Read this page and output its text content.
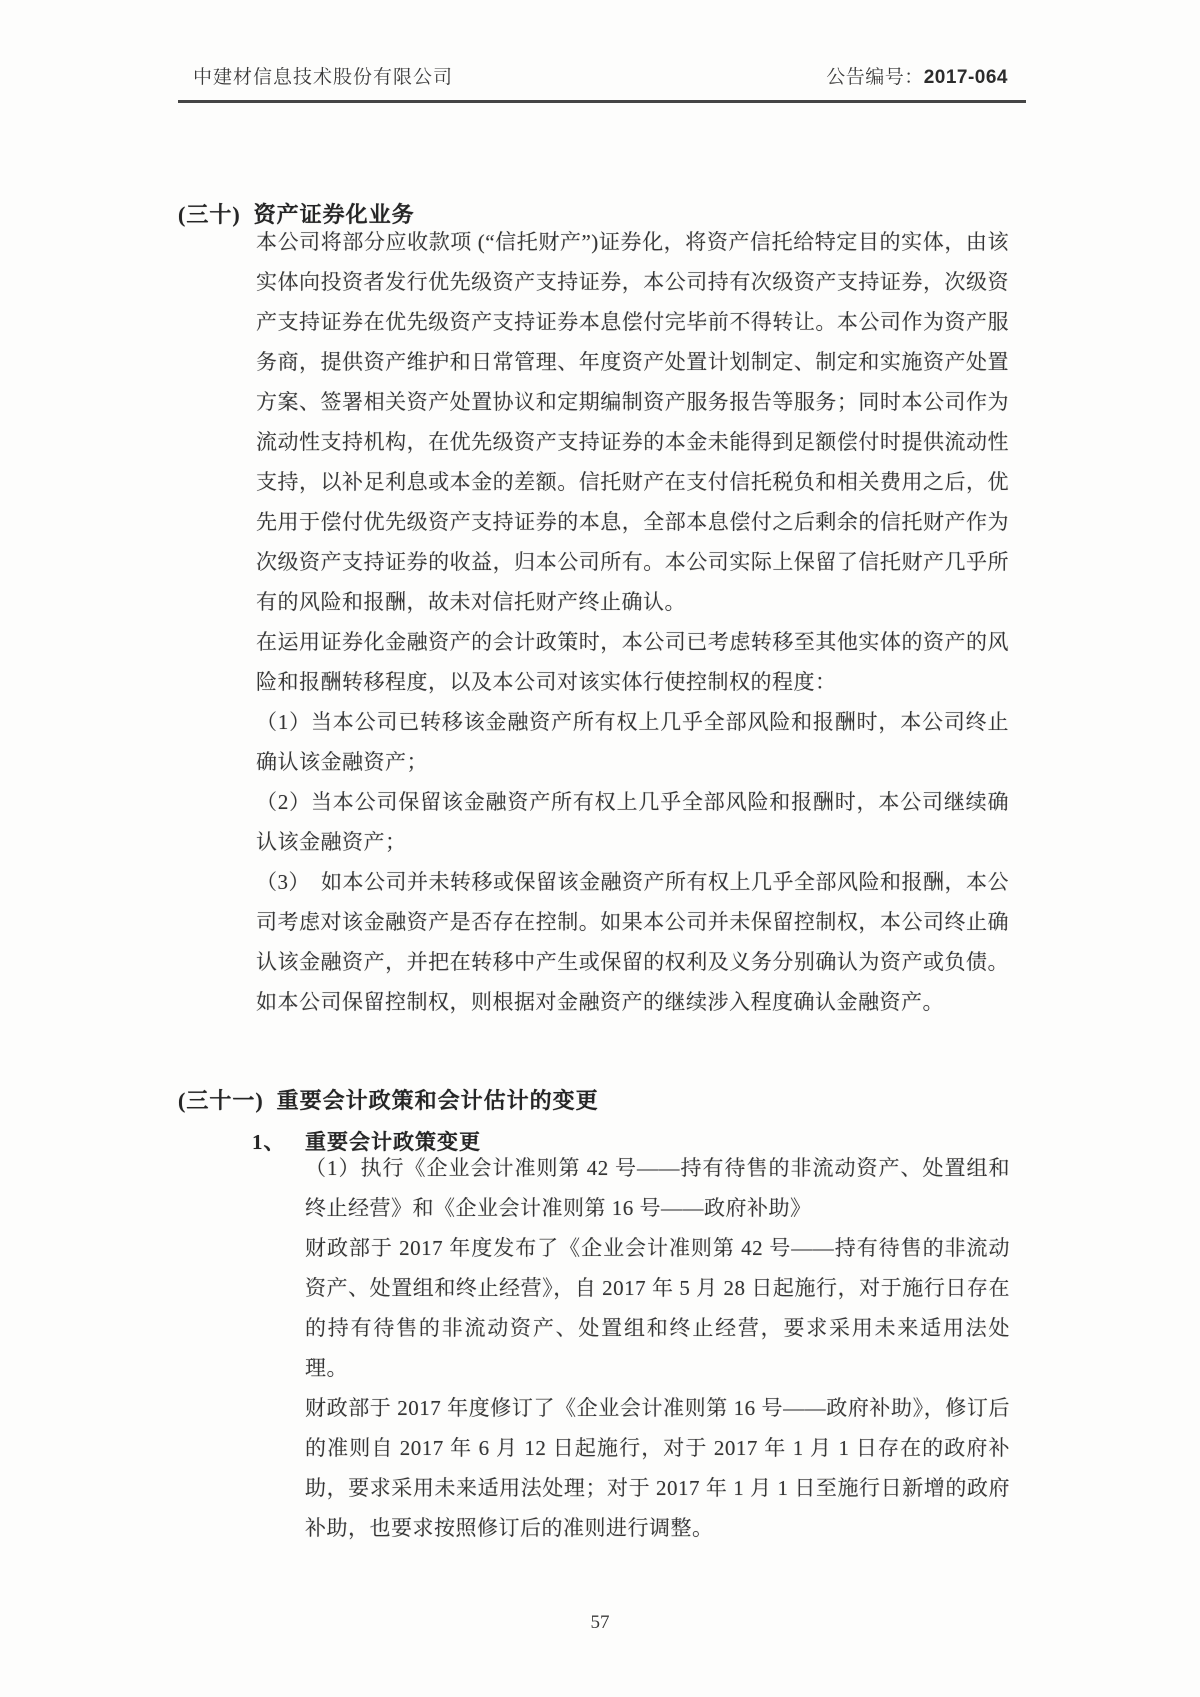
中建材信息技术股份有限公司	公告编号：2017-064
(三十) 资产证券化业务

本公司将部分应收款项 (“信托财产”)证券化，将资产信托给特定目的实体，由该实体向投资者发行优先级资产支持证券，本公司持有次级资产支持证券，次级资产支持证券在优先级资产支持证券本息偿付完毕前不得转让。本公司作为资产服务商，提供资产维护和日常管理、年度资产处置计划制定、制定和实施资产处置方案、签署相关资产处置协议和定期编制资产服务报告等服务；同时本公司作为流动性支持机构，在优先级资产支持证券的本金未能得到足额偿付时提供流动性支持，以补足利息或本金的差额。信托财产在支付信托税负和相关费用之后，优先用于偿付优先级资产支持证券的本息，全部本息偿付之后剩余的信托财产作为次级资产支持证券的收益，归本公司所有。本公司实际上保留了信托财产几乎所有的风险和报酬，故未对信托财产终止确认。

在运用证券化金融资产的会计政策时，本公司已考虑转移至其他实体的资产的风险和报酬转移程度，以及本公司对该实体行使控制权的程度：

（1）当本公司已转移该金融资产所有权上几乎全部风险和报酬时，本公司终止确认该金融资产；

（2）当本公司保留该金融资产所有权上几乎全部风险和报酬时，本公司继续确认该金融资产；

（3）　如本公司并未转移或保留该金融资产所有权上几乎全部风险和报酬，本公司考虑对该金融资产是否存在控制。如果本公司并未保留控制权，本公司终止确认该金融资产，并把在转移中产生或保留的权利及义务分别确认为资产或负债。如本公司保留控制权，则根据对金融资产的继续涉入程度确认金融资产。

(三十一) 重要会计政策和会计估计的变更
1、 重要会计政策变更

（1）执行《企业会计准则第 42 号——持有待售的非流动资产、处置组和终止经营》和《企业会计准则第 16 号——政府补助》

财政部于 2017 年度发布了《企业会计准则第 42 号——持有待售的非流动资产、处置组和终止经营》，自 2017 年 5 月 28 日起施行，对于施行日存在的持有待售的非流动资产、处置组和终止经营，要求采用未来适用法处理。

财政部于 2017 年度修订了《企业会计准则第 16 号——政府补助》，修订后的准则自 2017 年 6 月 12 日起施行，对于 2017 年 1 月 1 日存在的政府补助，要求采用未来适用法处理；对于 2017 年 1 月 1 日至施行日新增的政府补助，也要求按照修订后的准则进行调整。

57
